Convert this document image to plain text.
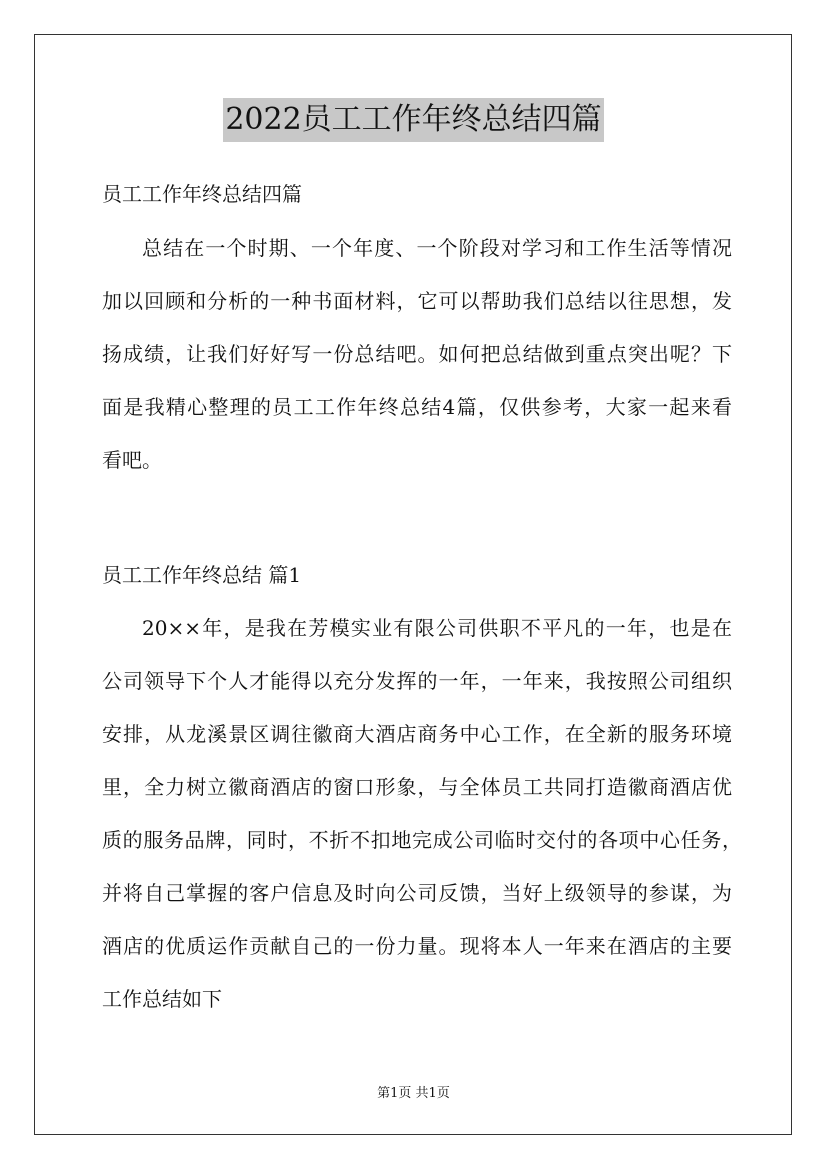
2022员工工作年终总结四篇
员工工作年终总结四篇
总结在一个时期、一个年度、一个阶段对学习和工作生活等情况
加以回顾和分析的一种书面材料，它可以帮助我们总结以往思想，发
扬成绩，让我们好好写一份总结吧。如何把总结做到重点突出呢？下
面是我精心整理的员工工作年终总结4篇，仅供参考，大家一起来看
看吧。
员工工作年终总结 篇1
20××年，是我在芳模实业有限公司供职不平凡的一年，也是在
公司领导下个人才能得以充分发挥的一年，一年来，我按照公司组织
安排，从龙溪景区调往徽商大酒店商务中心工作，在全新的服务环境
里，全力树立徽商酒店的窗口形象，与全体员工共同打造徽商酒店优
质的服务品牌，同时，不折不扣地完成公司临时交付的各项中心任务，
并将自己掌握的客户信息及时向公司反馈，当好上级领导的参谋，为
酒店的优质运作贡献自己的一份力量。现将本人一年来在酒店的主要
工作总结如下
第1页 共1页
